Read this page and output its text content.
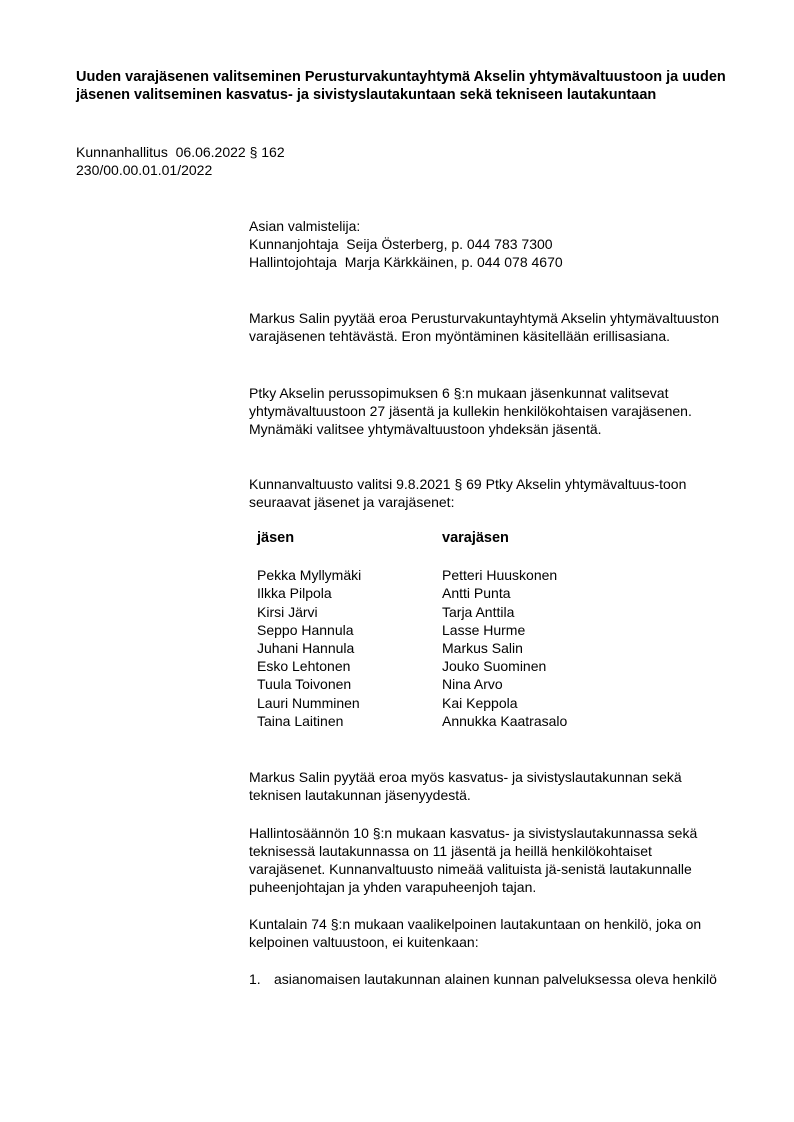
Uuden varajäsenen valitseminen Perusturvakuntayhtymä Akselin yhtymävaltuustoon ja uuden jäsenen valitseminen kasvatus- ja sivistyslautakuntaan sekä tekniseen lautakuntaan
Kunnanhallitus  06.06.2022 § 162
230/00.00.01.01/2022
Asian valmistelija:
Kunnanjohtaja  Seija Österberg, p. 044 783 7300
Hallintojohtaja  Marja Kärkkäinen, p. 044 078 4670

Markus Salin pyytää eroa Perusturvakuntayhtymä Akselin yhtymävaltuuston varajäsenen tehtävästä. Eron myöntäminen käsitellään erillisasiana.

Ptky Akselin perussopimuksen 6 §:n mukaan jäsenkunnat valitsevat yhtymävaltuustoon 27 jäsentä ja kullekin henkilökohtaisen varajäsenen. Mynämäki valitsee yhtymävaltuustoon yhdeksän jäsentä.

Kunnanvaltuusto valitsi 9.8.2021 § 69 Ptky Akselin yhtymävaltuus-toon seuraavat jäsenet ja varajäsenet:

jäsen	varajäsen
Pekka Myllymäki	Petteri Huuskonen
Ilkka Pilpola	Antti Punta
Kirsi Järvi	Tarja Anttila
Seppo Hannula	Lasse Hurme
Juhani Hannula	Markus Salin
Esko Lehtonen	Jouko Suominen
Tuula Toivonen	Nina Arvo
Lauri Numminen	Kai Keppola
Taina Laitinen	Annukka Kaatrasalo

Markus Salin pyytää eroa myös kasvatus- ja sivistyslautakunnan sekä teknisen lautakunnan jäsenyydestä.

Hallintosäännön 10 §:n mukaan kasvatus- ja sivistyslautakunnassa sekä teknisessä lautakunnassa on 11 jäsentä ja heillä henkilökohtaiset varajäsenet. Kunnanvaltuusto nimeää valituista jä-senistä lautakunnalle puheenjohtajan ja yhden varapuheenjoh tajan.

Kuntalain 74 §:n mukaan vaalikelpoinen lautakuntaan on henkilö, joka on kelpoinen valtuustoon, ei kuitenkaan:

1. asianomaisen lautakunnan alainen kunnan palveluksessa oleva henkilö
